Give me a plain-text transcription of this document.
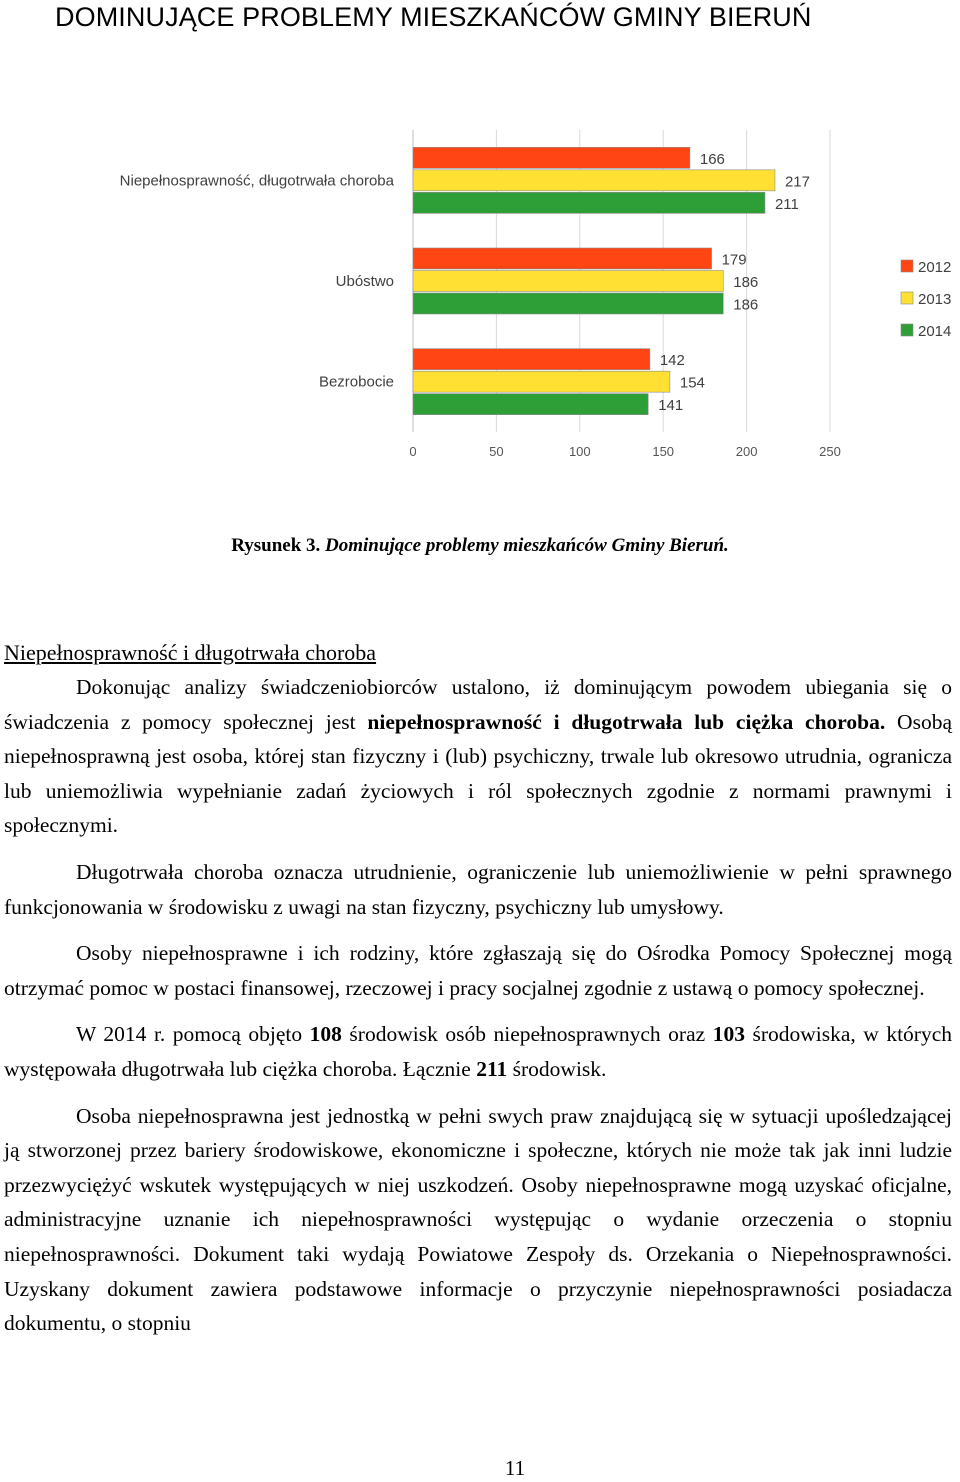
DOMINUJĄCE PROBLEMY MIESZKAŃCÓW GMINY BIERUŃ
0	50	100	150	200	250
Niepełnosprawność, długotrwała choroba
166
217
211
Ubóstwo
179
186
186
Bezrobocie
142
154
141
2012
2013
2014
Rysunek 3. Dominujące problemy mieszkańców Gminy Bieruń.
Niepełnosprawność i długotrwała choroba

Dokonując analizy świadczeniobiorców ustalono, iż dominującym powodem ubiegania się o świadczenia z pomocy społecznej jest niepełnosprawność i długotrwała lub ciężka choroba. Osobą niepełnosprawną jest osoba, której stan fizyczny i (lub) psychiczny, trwale lub okresowo utrudnia, ogranicza lub uniemożliwia wypełnianie zadań życiowych i ról społecznych zgodnie z normami prawnymi i społecznymi.

Długotrwała choroba oznacza utrudnienie, ograniczenie lub uniemożliwienie w pełni sprawnego funkcjonowania w środowisku z uwagi na stan fizyczny, psychiczny lub umysłowy.

Osoby niepełnosprawne i ich rodziny, które zgłaszają się do Ośrodka Pomocy Społecznej mogą otrzymać pomoc w postaci finansowej, rzeczowej i pracy socjalnej zgodnie z ustawą o pomocy społecznej.

W 2014 r. pomocą objęto 108 środowisk osób niepełnosprawnych oraz 103 środowiska, w których występowała długotrwała lub ciężka choroba. Łącznie 211 środowisk.

Osoba niepełnosprawna jest jednostką w pełni swych praw znajdującą się w sytuacji upośledzającej ją stworzonej przez bariery środowiskowe, ekonomiczne i społeczne, których nie może tak jak inni ludzie przezwyciężyć wskutek występujących w niej uszkodzeń. Osoby niepełnosprawne mogą uzyskać oficjalne, administracyjne uznanie ich niepełnosprawności występując o wydanie orzeczenia o stopniu niepełnosprawności. Dokument taki wydają Powiatowe Zespoły ds. Orzekania o Niepełnosprawności. Uzyskany dokument zawiera podstawowe informacje o przyczynie niepełnosprawności posiadacza dokumentu, o stopniu

11
